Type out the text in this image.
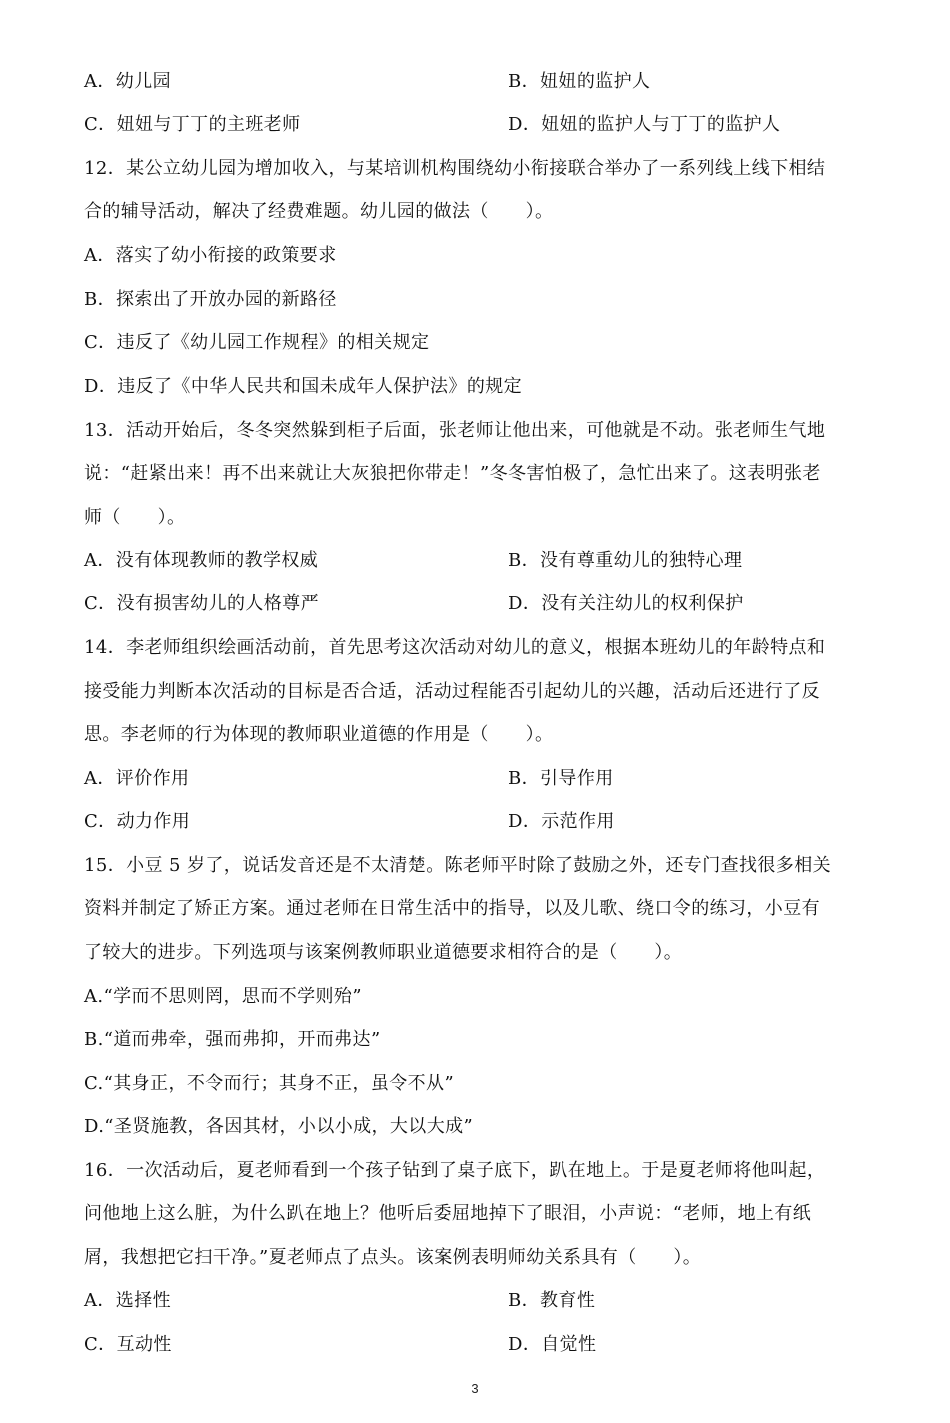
A．幼儿园	B．妞妞的监护人
C．妞妞与丁丁的主班老师	D．妞妞的监护人与丁丁的监护人
12．某公立幼儿园为增加收入，与某培训机构围绕幼小衔接联合举办了一系列线上线下相结
合的辅导活动，解决了经费难题。幼儿园的做法（　　）。
A．落实了幼小衔接的政策要求
B．探索出了开放办园的新路径
C．违反了《幼儿园工作规程》的相关规定
D．违反了《中华人民共和国未成年人保护法》的规定
13．活动开始后，冬冬突然躲到柜子后面，张老师让他出来，可他就是不动。张老师生气地
说：“赶紧出来！再不出来就让大灰狼把你带走！”冬冬害怕极了，急忙出来了。这表明张老
师（　　）。
A．没有体现教师的教学权威	B．没有尊重幼儿的独特心理
C．没有损害幼儿的人格尊严	D．没有关注幼儿的权利保护
14．李老师组织绘画活动前，首先思考这次活动对幼儿的意义，根据本班幼儿的年龄特点和
接受能力判断本次活动的目标是否合适，活动过程能否引起幼儿的兴趣，活动后还进行了反
思。李老师的行为体现的教师职业道德的作用是（　　）。
A．评价作用	B．引导作用
C．动力作用	D．示范作用
15．小豆 5 岁了，说话发音还是不太清楚。陈老师平时除了鼓励之外，还专门查找很多相关
资料并制定了矫正方案。通过老师在日常生活中的指导，以及儿歌、绕口令的练习，小豆有
了较大的进步。下列选项与该案例教师职业道德要求相符合的是（　　）。
A.“学而不思则罔，思而不学则殆”
B.“道而弗牵，强而弗抑，开而弗达”
C.“其身正，不令而行；其身不正，虽令不从”
D.“圣贤施教，各因其材，小以小成，大以大成”
16．一次活动后，夏老师看到一个孩子钻到了桌子底下，趴在地上。于是夏老师将他叫起，
问他地上这么脏，为什么趴在地上？他听后委屈地掉下了眼泪，小声说：“老师，地上有纸
屑，我想把它扫干净。”夏老师点了点头。该案例表明师幼关系具有（　　）。
A．选择性	B．教育性
C．互动性	D．自觉性
3
